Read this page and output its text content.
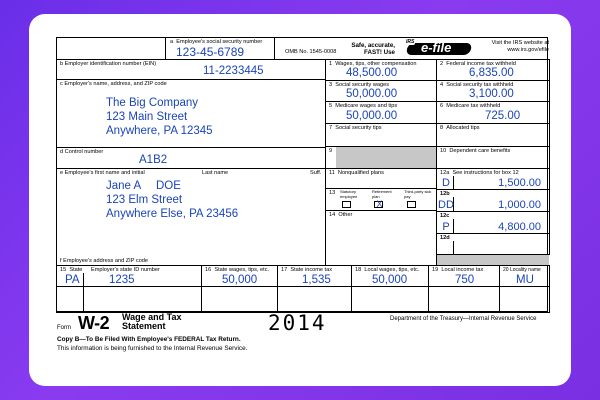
a Employee's social security number
123-45-6789	OMB No. 1545-0008
Safe, accurate, FAST! Use
IRS e-file	Visit the IRS website at www.irs.gov/efile
b Employer identification number (EIN)
11-2233445
c Employer's name, address, and ZIP code
The Big Company
123 Main Street
Anywhere, PA 12345
d Control number
A1B2
e Employee's first name and initial	Last name	Suff.
Jane A DOE
123 Elm Street
Anywhere Else, PA 23456
f Employee's address and ZIP code
1 Wages, tips, other compensation
48,500.00
3 Social security wages
50,000.00
5 Medicare wages and tips
50,000.00
7 Social security tips
9
11 Nonqualified plans
13 Statutory employee
Retirement plan
Third-party sick pay
X
14 Other
2 Federal income tax withheld
6,835.00
4 Social security tax withheld
3,100.00
6 Medicare tax withheld
725.00
8 Allocated tips
10 Dependent care benefits
12a See instructions for box 12
D	1,500.00
12b
DD	1,000.00
12c
P	4,800.00
12d
15 State Employer's state ID number
PA	1235
16 State wages, tips, etc.
50,000
17 State income tax
1,535
18 Local wages, tips, etc.
50,000
19 Local income tax
750
20 Locality name
MU
Form W-2 Wage and Tax
Statement	2014	Department of the Treasury—Internal Revenue Service
Copy B—To Be Filed With Employee's FEDERAL Tax Return.
This information is being furnished to the Internal Revenue Service.
